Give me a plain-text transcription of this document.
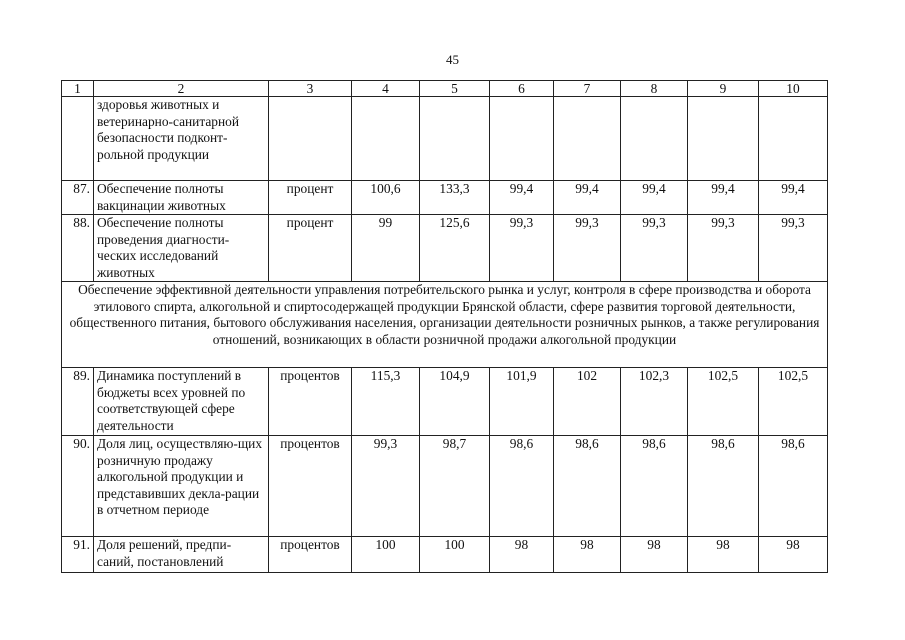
45
1	2	3	4	5	6	7	8	9	10
	здоровья животных и ветеринарно-санитарной безопасности подконт-рольной продукции								
87.	Обеспечение полноты вакцинации животных	процент	100,6	133,3	99,4	99,4	99,4	99,4	99,4
88.	Обеспечение полноты проведения диагности-ческих исследований животных	процент	99	125,6	99,3	99,3	99,3	99,3	99,3
Обеспечение эффективной деятельности управления потребительского рынка и услуг, контроля в сфере производства и оборота этилового спирта, алкогольной и спиртосодержащей продукции Брянской области, сфере развития торговой деятельности, общественного питания, бытового обслуживания населения, организации деятельности розничных рынков, а также регулирования отношений, возникающих в области розничной продажи алкогольной продукции									
89.	Динамика поступлений в бюджеты всех уровней по соответствующей сфере деятельности	процентов	115,3	104,9	101,9	102	102,3	102,5	102,5
90.	Доля лиц, осуществляю-щих розничную продажу алкогольной продукции и представивших декла-рации в отчетном периоде	процентов	99,3	98,7	98,6	98,6	98,6	98,6	98,6
91.	Доля решений, предпи-саний, постановлений	процентов	100	100	98	98	98	98	98
